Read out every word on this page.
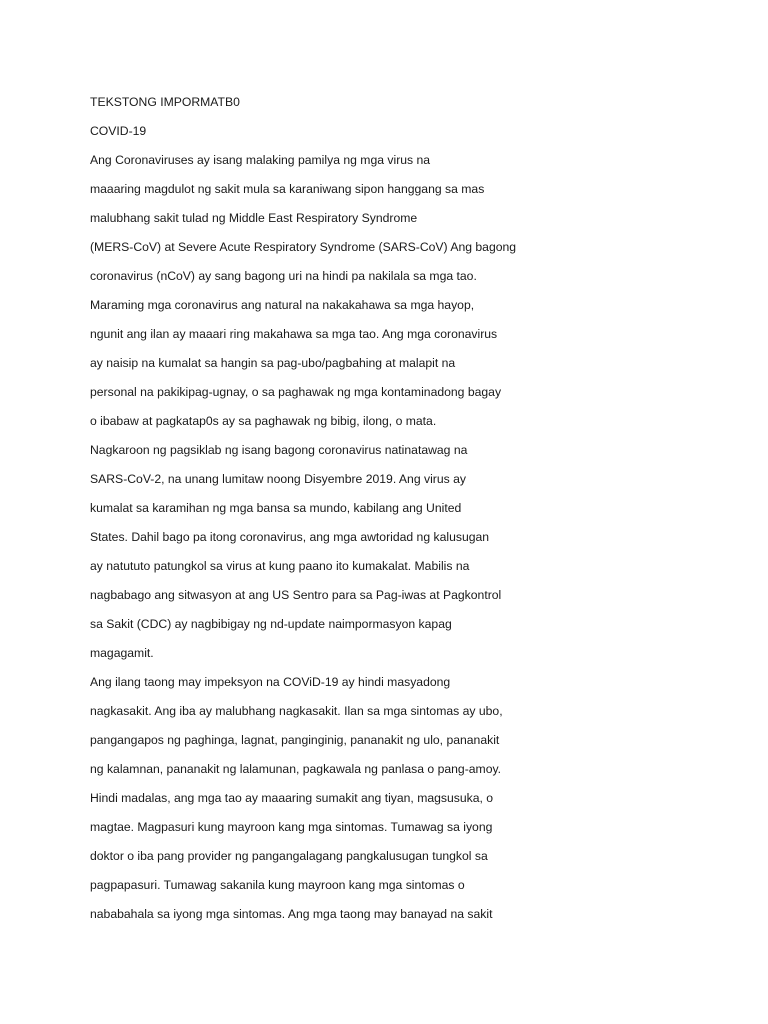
TEKSTONG IMPORMATB0
COVID-19
Ang Coronaviruses ay isang malaking pamilya ng mga virus na
maaaring magdulot ng sakit mula sa karaniwang sipon hanggang sa mas
malubhang sakit tulad ng Middle East Respiratory Syndrome
(MERS-CoV) at Severe Acute Respiratory Syndrome (SARS-CoV) Ang bagong
coronavirus (nCoV) ay sang bagong uri na hindi pa nakilala sa mga tao.
Maraming mga coronavirus ang natural na nakakahawa sa mga hayop,
ngunit ang ilan ay maaari ring makahawa sa mga tao. Ang mga coronavirus
ay naisip na kumalat sa hangin sa pag-ubo/pagbahing at malapit na
personal na pakikipag-ugnay, o sa paghawak ng mga kontaminadong bagay
o ibabaw at pagkatap0s ay sa paghawak ng bibig, ilong, o mata.
Nagkaroon ng pagsiklab ng isang bagong coronavirus natinatawag na
SARS-CoV-2, na unang lumitaw noong Disyembre 2019. Ang virus ay
kumalat sa karamihan ng mga bansa sa mundo, kabilang ang United
States. Dahil bago pa itong coronavirus, ang mga awtoridad ng kalusugan
ay natututo patungkol sa virus at kung paano ito kumakalat. Mabilis na
nagbabago ang sitwasyon at ang US Sentro para sa Pag-iwas at Pagkontrol
sa Sakit (CDC) ay nagbibigay ng nd-update naimpormasyon kapag
magagamit.
Ang ilang taong may impeksyon na COViD-19 ay hindi masyadong
nagkasakit. Ang iba ay malubhang nagkasakit. Ilan sa mga sintomas ay ubo,
pangangapos ng paghinga, lagnat, panginginig, pananakit ng ulo, pananakit
ng kalamnan, pananakit ng lalamunan, pagkawala ng panlasa o pang-amoy.
Hindi madalas, ang mga tao ay maaaring sumakit ang tiyan, magsusuka, o
magtae. Magpasuri kung mayroon kang mga sintomas. Tumawag sa iyong
doktor o iba pang provider ng pangangalagang pangkalusugan tungkol sa
pagpapasuri. Tumawag sakanila kung mayroon kang mga sintomas o
nababahala sa iyong mga sintomas. Ang mga taong may banayad na sakit
